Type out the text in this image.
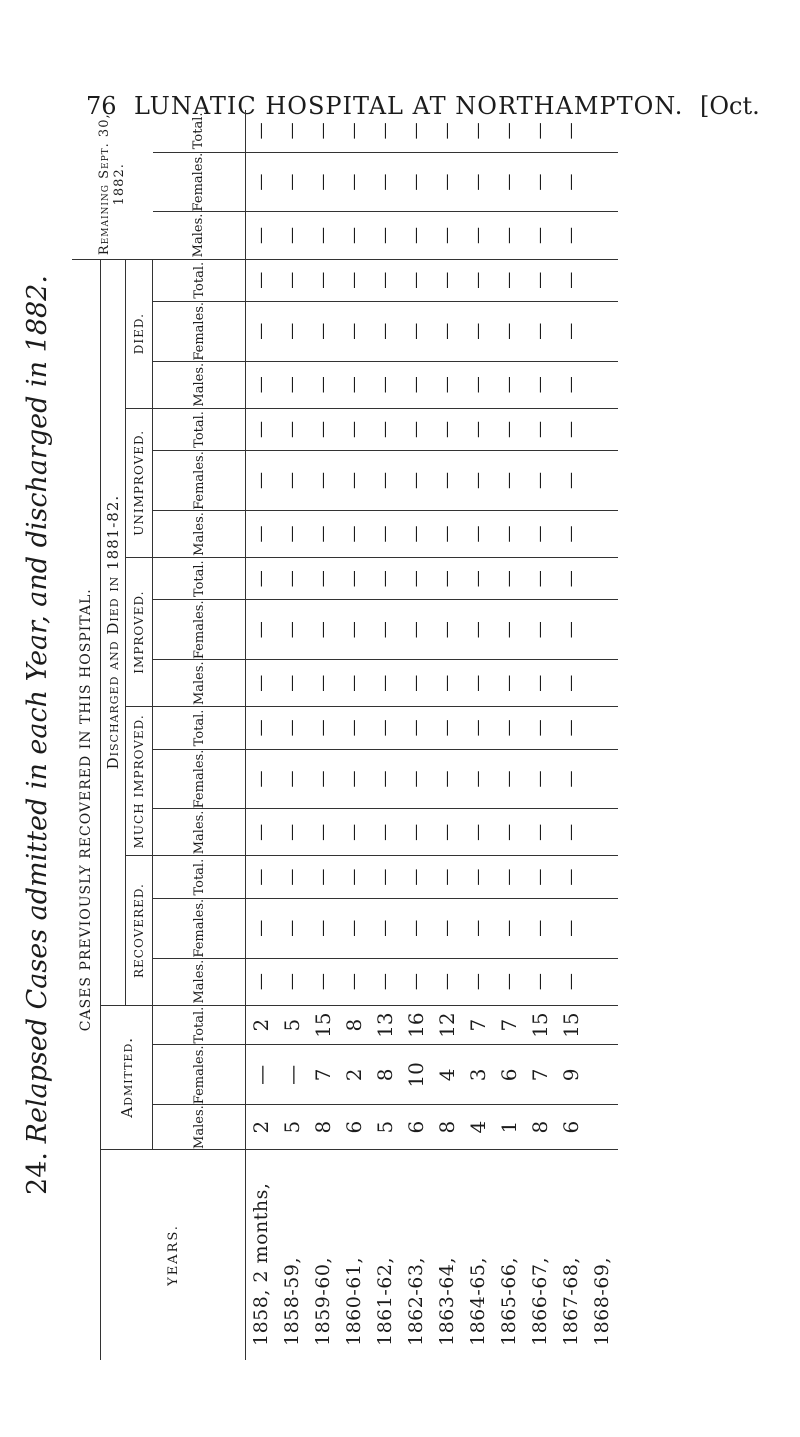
76 LUNATIC HOSPITAL AT NORTHAMPTON. [Oct.
24. Relapsed Cases admitted in each Year, and discharged in 1882. CASES PREVIOUSLY RECOVERED IN THIS HOSPITAL.																			Remaining Sept. 30, 1882.		
YEARS.	Admitted.			Discharged and Died in 1881-82.																	
				RECOVERED.			MUCH IMPROVED.			IMPROVED.			UNIMPROVED.			DIED.					
	Males.	Females.	Total.	Males.	Females.	Total.	Males.	Females.	Total.	Males.	Females.	Total.	Males.	Females.	Total.	Males.	Females.	Total.	Males.	Females.	Total.
1858, 2 months,	2	—	2	—	—	—	—	—	—	—	—	—	—	—	—	—	—	—	—	—	—
1858-59,	5	—	5	—	—	—	—	—	—	—	—	—	—	—	—	—	—	—	—	—	—
1859-60,	8	7	15	—	—	—	—	—	—	—	—	—	—	—	—	—	—	—	—	—	—
1860-61,	6	2	8	—	—	—	—	—	—	—	—	—	—	—	—	—	—	—	—	—	—
1861-62,	5	8	13	—	—	—	—	—	—	—	—	—	—	—	—	—	—	—	—	—	—
1862-63,	6	10	16	—	—	—	—	—	—	—	—	—	—	—	—	—	—	—	—	—	—
1863-64,	8	4	12	—	—	—	—	—	—	—	—	—	—	—	—	—	—	—	—	—	—
1864-65,	4	3	7	—	—	—	—	—	—	—	—	—	—	—	—	—	—	—	—	—	—
1865-66,	1	6	7	—	—	—	—	—	—	—	—	—	—	—	—	—	—	—	—	—	—
1866-67,	8	7	15	—	—	—	—	—	—	—	—	—	—	—	—	—	—	—	—	—	—
1867-68,	6	9	15	—	—	—	—	—	—	—	—	—	—	—	—	—	—	—	—	—	—
1868-69,																					
